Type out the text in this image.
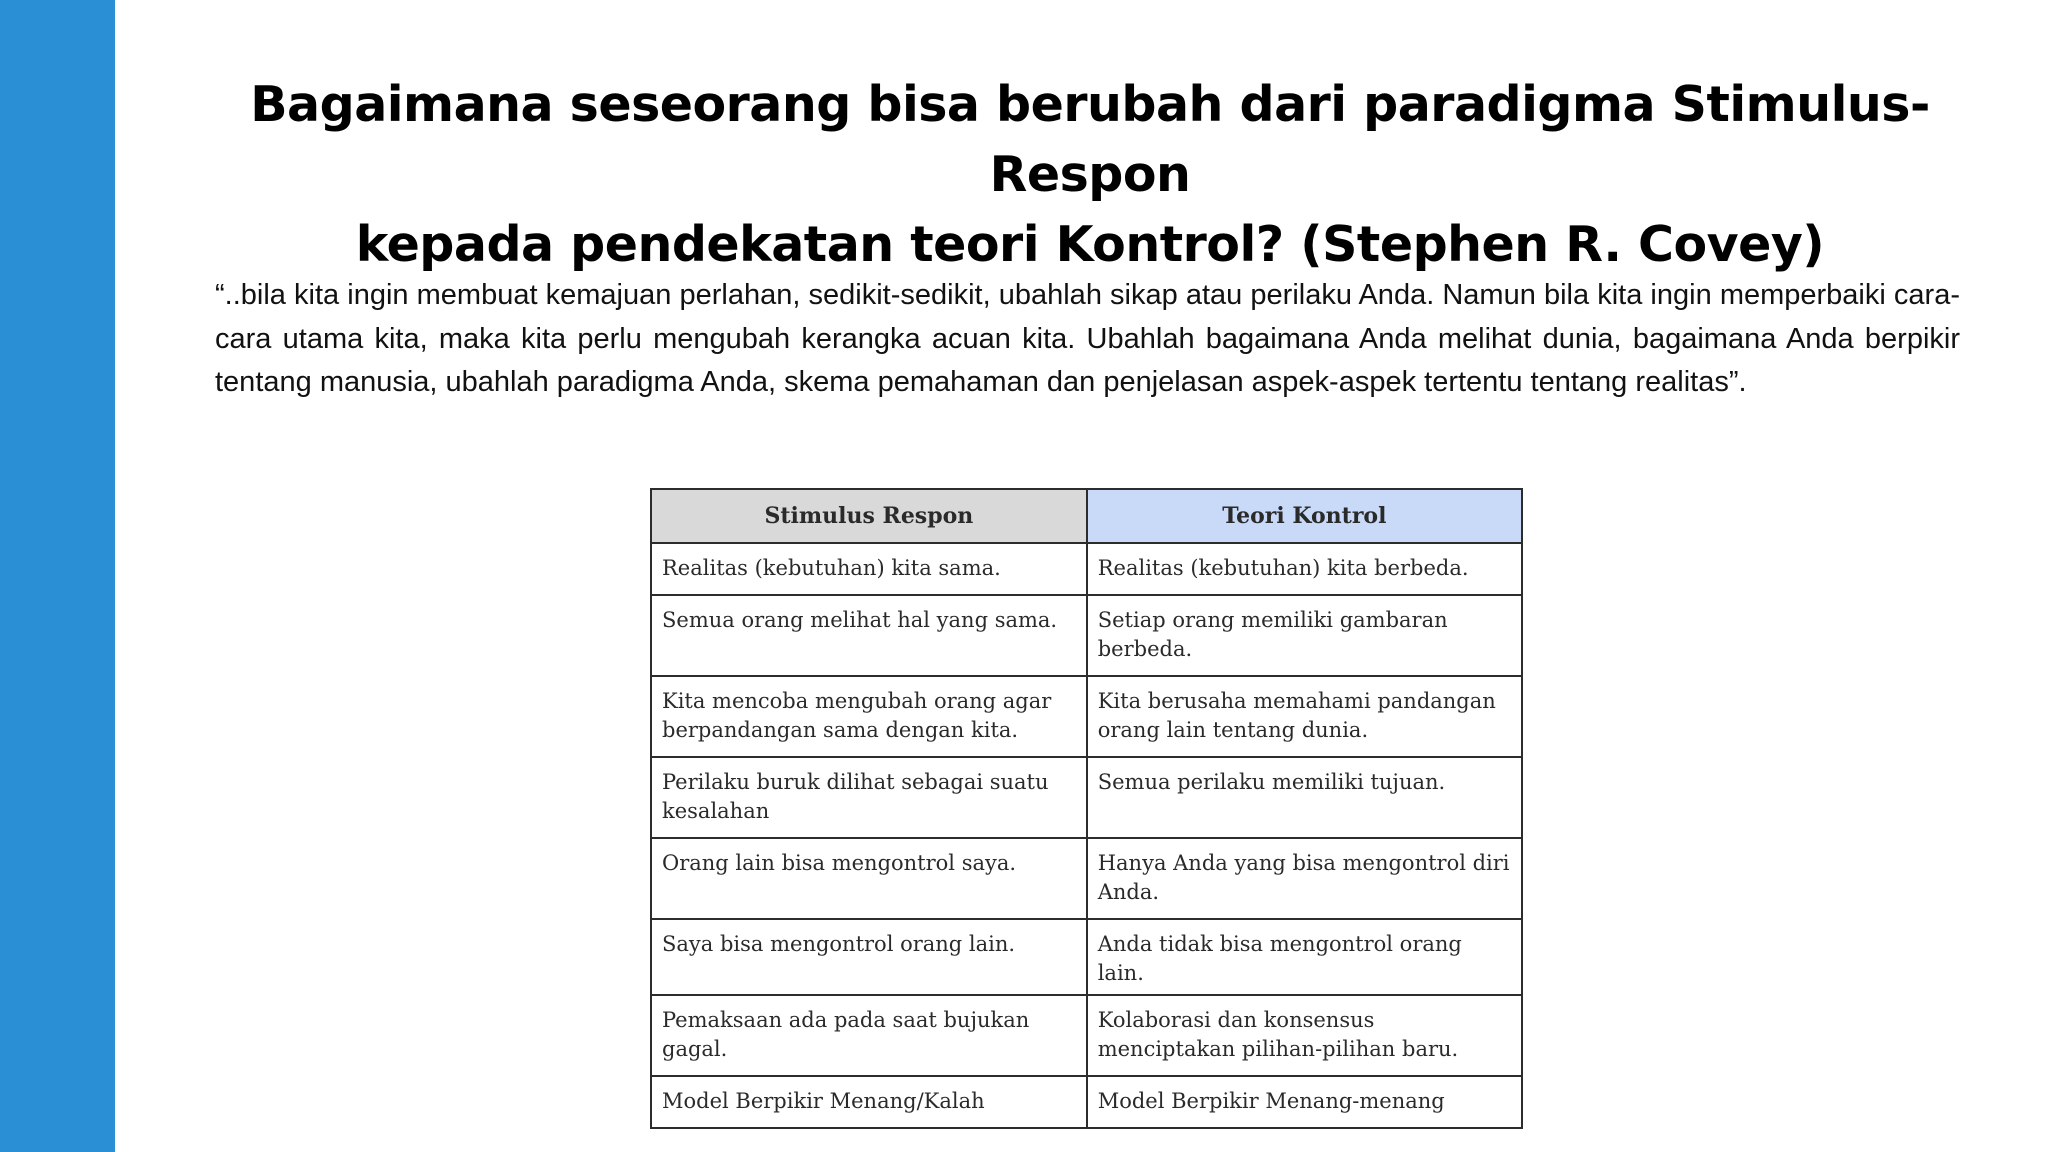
Bagaimana seseorang bisa berubah dari paradigma Stimulus-Respon
kepada pendekatan teori Kontrol? (Stephen R. Covey)

“..bila kita ingin membuat kemajuan perlahan, sedikit-sedikit, ubahlah sikap atau perilaku Anda. Namun bila kita ingin memperbaiki cara-cara utama kita, maka kita perlu mengubah kerangka acuan kita. Ubahlah bagaimana Anda melihat dunia, bagaimana Anda berpikir tentang manusia, ubahlah paradigma Anda, skema pemahaman dan penjelasan aspek-aspek tertentu tentang realitas”.

Stimulus Respon	Teori Kontrol
Realitas (kebutuhan) kita sama.	Realitas (kebutuhan) kita berbeda.
Semua orang melihat hal yang sama.	Setiap orang memiliki gambaran berbeda.
Kita mencoba mengubah orang agar berpandangan sama dengan kita.	Kita berusaha memahami pandangan orang lain tentang dunia.
Perilaku buruk dilihat sebagai suatu kesalahan	Semua perilaku memiliki tujuan.
Orang lain bisa mengontrol saya.	Hanya Anda yang bisa mengontrol diri Anda.
Saya bisa mengontrol orang lain.	Anda tidak bisa mengontrol orang lain.
Pemaksaan ada pada saat bujukan gagal.	Kolaborasi dan konsensus menciptakan pilihan-pilihan baru.
Model Berpikir Menang/Kalah	Model Berpikir Menang-menang
